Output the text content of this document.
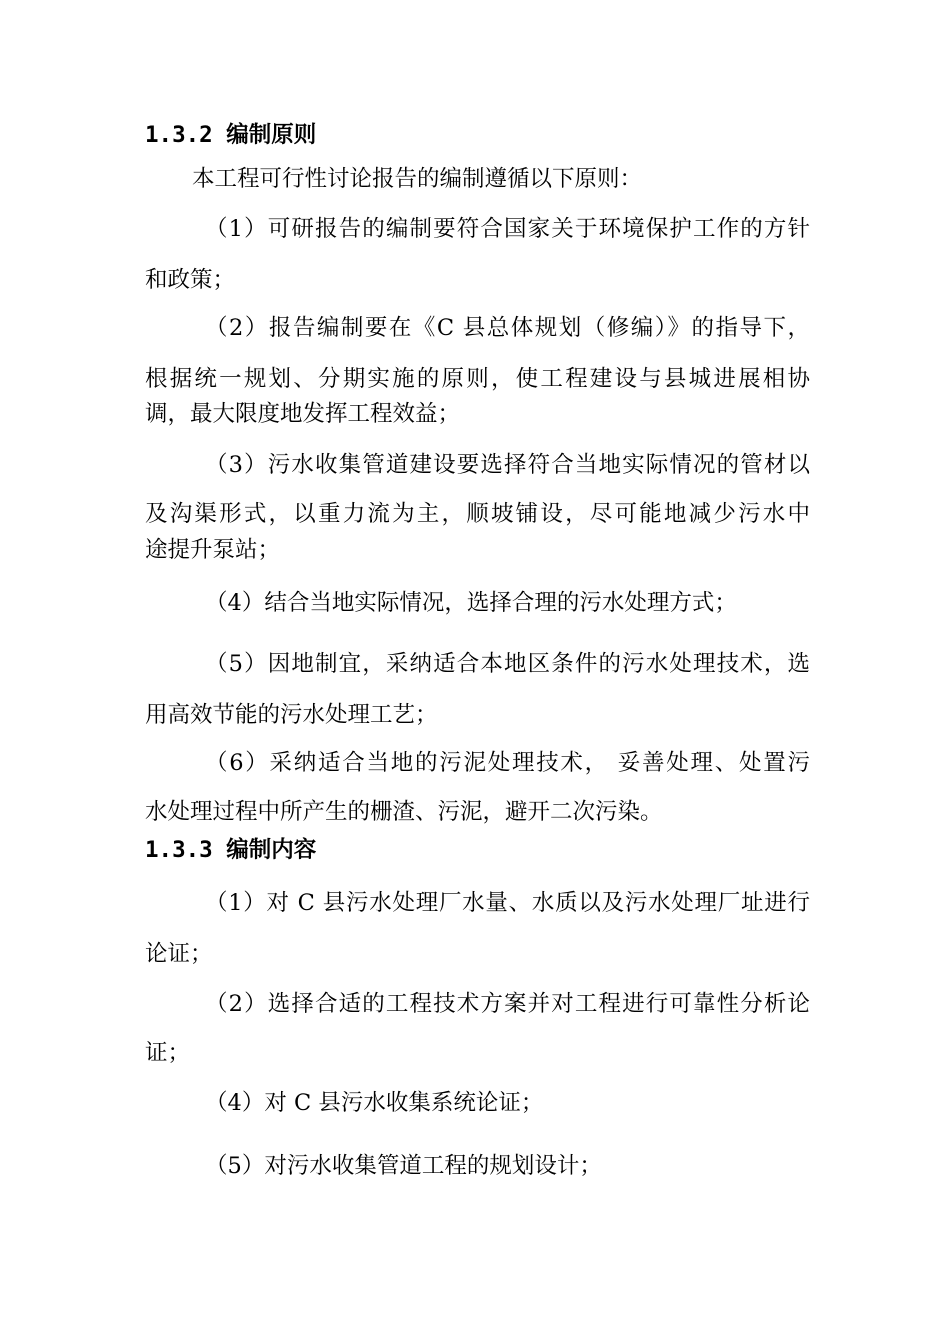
1.3.2 编制原则
本工程可行性讨论报告的编制遵循以下原则：
（1）可研报告的编制要符合国家关于环境保护工作的方针
和政策；
（2）报告编制要在《C 县总体规划（修编）》的指导下，
根据统一规划、分期实施的原则，使工程建设与县城进展相协
调，最大限度地发挥工程效益；
（3）污水收集管道建设要选择符合当地实际情况的管材以
及沟渠形式，以重力流为主，顺坡铺设，尽可能地减少污水中
途提升泵站；
（4）结合当地实际情况，选择合理的污水处理方式；
（5）因地制宜，采纳适合本地区条件的污水处理技术，选
用高效节能的污水处理工艺；
（6）采纳适合当地的污泥处理技术， 妥善处理、处置污
水处理过程中所产生的栅渣、污泥，避开二次污染。
1.3.3 编制内容
（1）对 C 县污水处理厂水量、水质以及污水处理厂址进行
论证；
（2）选择合适的工程技术方案并对工程进行可靠性分析论
证；
（4）对 C 县污水收集系统论证；
（5）对污水收集管道工程的规划设计；
